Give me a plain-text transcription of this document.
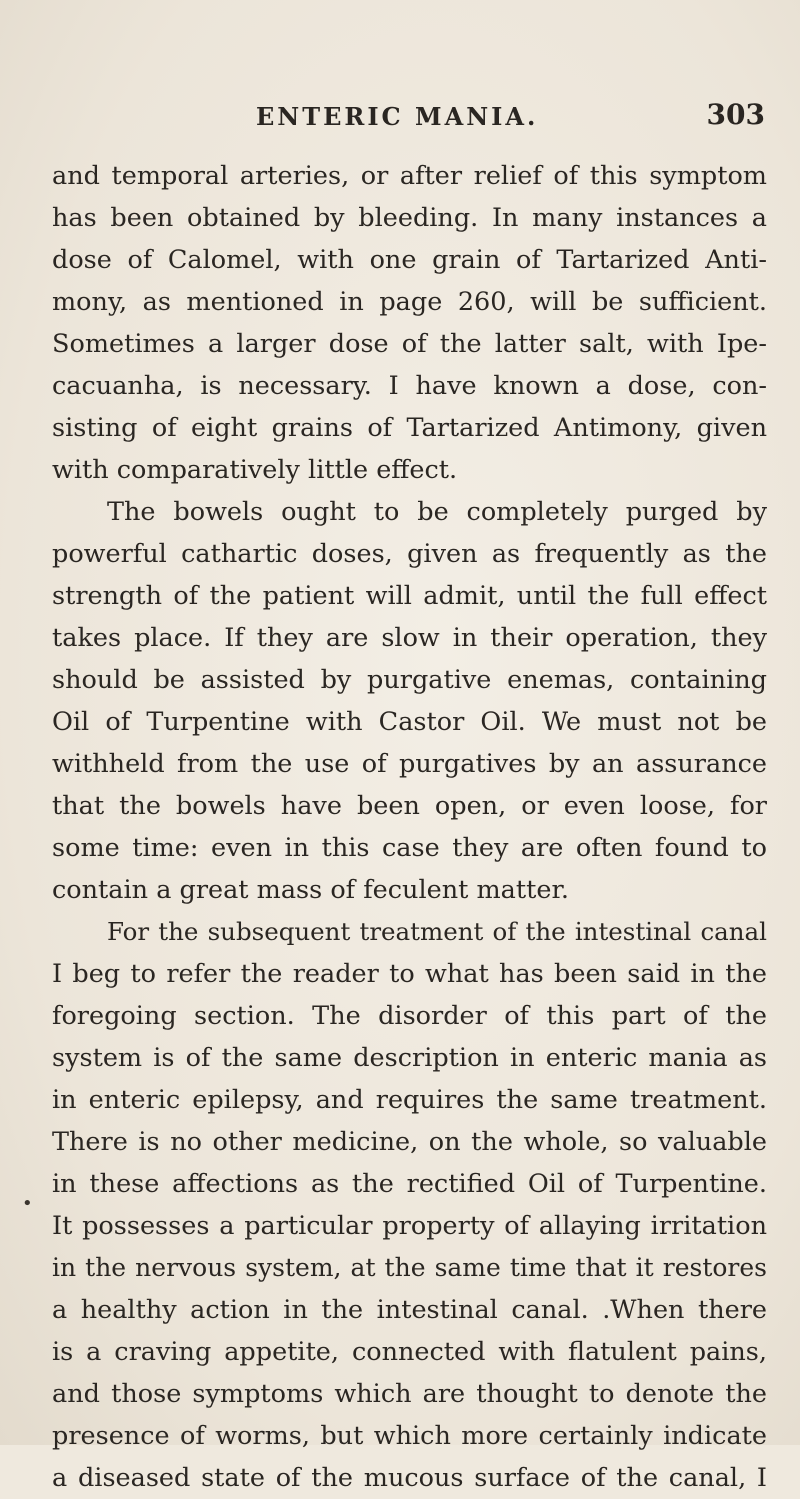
ENTERIC MANIA.	303
•
and temporal arteries, or after relief of this symptom
has been obtained by bleeding. In many instances a
dose of Calomel, with one grain of Tartarized Anti-
mony, as mentioned in page 260, will be sufficient.
Sometimes a larger dose of the latter salt, with Ipe-
cacuanha, is necessary. I have known a dose, con-
sisting of eight grains of Tartarized Antimony, given
with comparatively little effect.
The bowels ought to be completely purged by
powerful cathartic doses, given as frequently as the
strength of the patient will admit, until the full effect
takes place. If they are slow in their operation, they
should be assisted by purgative enemas, containing
Oil of Turpentine with Castor Oil. We must not be
withheld from the use of purgatives by an assurance
that the bowels have been open, or even loose, for
some time: even in this case they are often found to
contain a great mass of feculent matter.
For the subsequent treatment of the intestinal canal
I beg to refer the reader to what has been said in the
foregoing section. The disorder of this part of the
system is of the same description in enteric mania as
in enteric epilepsy, and requires the same treatment.
There is no other medicine, on the whole, so valuable
in these affections as the rectified Oil of Turpentine.
It possesses a particular property of allaying irritation
in the nervous system, at the same time that it restores
a healthy action in the intestinal canal. .When there
is a craving appetite, connected with flatulent pains,
and those symptoms which are thought to denote the
presence of worms, but which more certainly indicate
a diseased state of the mucous surface of the canal, I
